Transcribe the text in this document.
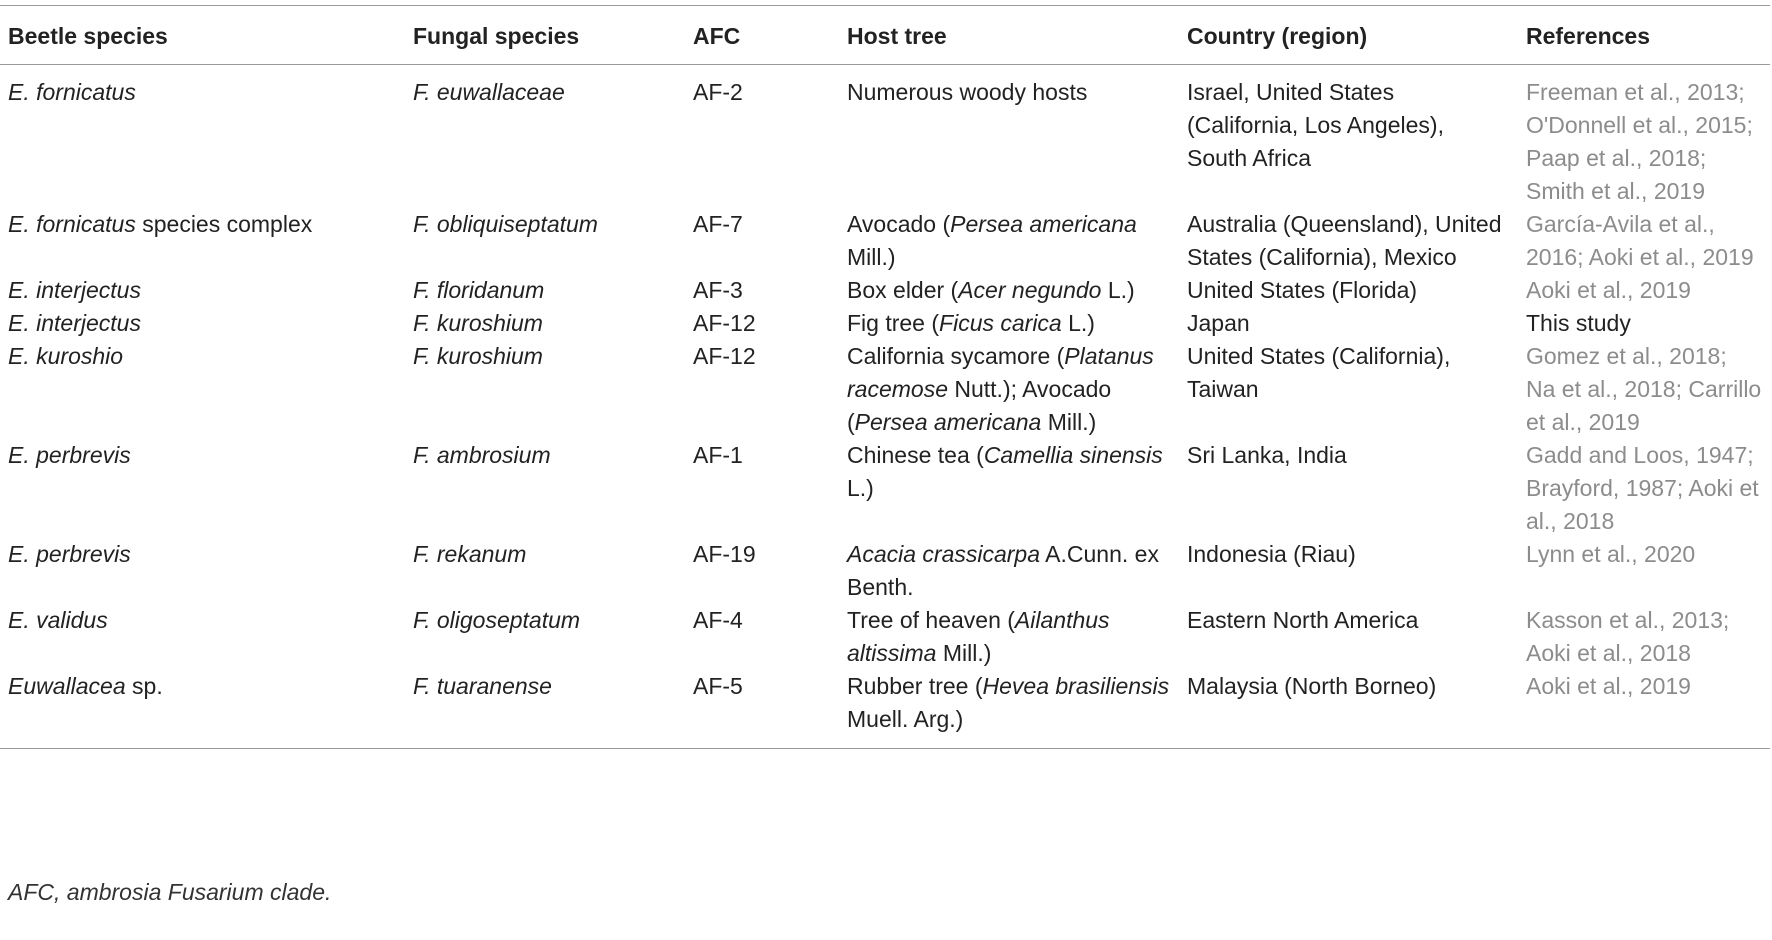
Beetle species	Fungal species	AFC	Host tree	Country (region)	References
E. fornicatus	F. euwallaceae	AF-2	Numerous woody hosts	Israel, United States (California, Los Angeles), South Africa	Freeman et al., 2013; O'Donnell et al., 2015; Paap et al., 2018; Smith et al., 2019
E. fornicatus species complex	F. obliquiseptatum	AF-7	Avocado (Persea americana Mill.)	Australia (Queensland), United States (California), Mexico	García-Avila et al., 2016; Aoki et al., 2019
E. interjectus	F. floridanum	AF-3	Box elder (Acer negundo L.)	United States (Florida)	Aoki et al., 2019
E. interjectus	F. kuroshium	AF-12	Fig tree (Ficus carica L.)	Japan	This study
E. kuroshio	F. kuroshium	AF-12	California sycamore (Platanus racemose Nutt.); Avocado (Persea americana Mill.)	United States (California), Taiwan	Gomez et al., 2018; Na et al., 2018; Carrillo et al., 2019
E. perbrevis	F. ambrosium	AF-1	Chinese tea (Camellia sinensis L.)	Sri Lanka, India	Gadd and Loos, 1947; Brayford, 1987; Aoki et al., 2018
E. perbrevis	F. rekanum	AF-19	Acacia crassicarpa A.Cunn. ex Benth.	Indonesia (Riau)	Lynn et al., 2020
E. validus	F. oligoseptatum	AF-4	Tree of heaven (Ailanthus altissima Mill.)	Eastern North America	Kasson et al., 2013; Aoki et al., 2018
Euwallacea sp.	F. tuaranense	AF-5	Rubber tree (Hevea brasiliensis Muell. Arg.)	Malaysia (North Borneo)	Aoki et al., 2019
AFC, ambrosia Fusarium clade.
